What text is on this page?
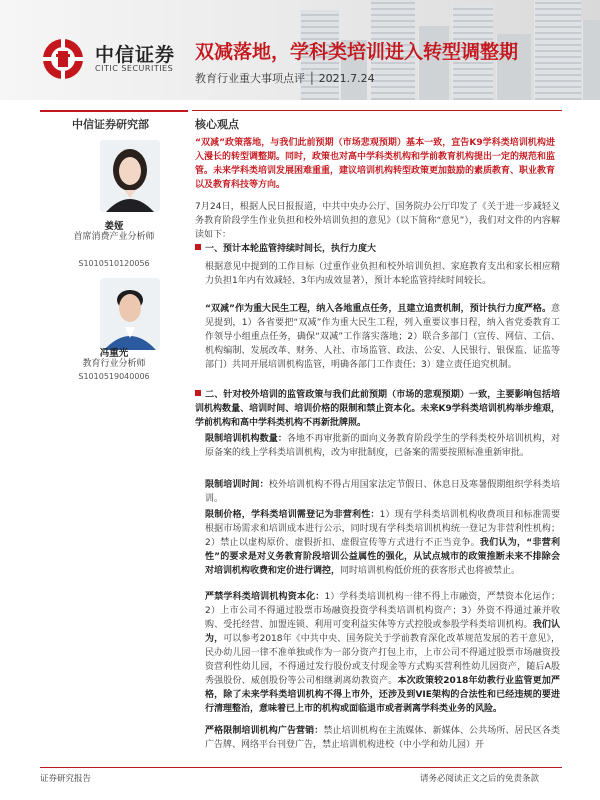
中信证券
CITIC SECURITIES
双减落地，学科类培训进入转型调整期
教育行业重大事项点评 │ 2021.7.24
中信证券研究部	核心观点
姜娅
首席消费产业分析师
S1010510120056
冯重光
教育行业分析师
S1010519040006
“双减”政策落地，与我们此前预期（市场悲观预期）基本一致，宣告K9学科类培训机构进入漫长的转型调整期。同时，政策也对高中学科类机构和学前教育机构提出一定的规范和监管。未来学科类培训发展困难重重，建议培训机构转型政策更加鼓励的素质教育、职业教育以及教育科技等方向。
7月24日，根据人民日报报道，中共中央办公厅、国务院办公厅印发了《关于进一步减轻义务教育阶段学生作业负担和校外培训负担的意见》（以下简称“意见”），我们对文件的内容解读如下：
一、预计本轮监管持续时间长，执行力度大
根据意见中提到的工作目标（过重作业负担和校外培训负担、家庭教育支出和家长相应精力负担1年内有效减轻、3年内成效显著），预计本轮监管持续时间较长。
“双减”作为重大民生工程，纳入各地重点任务，且建立追责机制，预计执行力度严格。意见提到，1）各省要把“双减”作为重大民生工程，列入重要议事日程，纳入省党委教育工作领导小组重点任务，确保“双减”工作落实落地；2）联合多部门（宣传、网信、工信、机构编制、发展改革、财务、人社、市场监管、政法、公安、人民银行、银保监、证监等部门）共同开展培训机构监管，明确各部门工作责任；3）建立责任追究机制。
二、针对校外培训的监管政策与我们此前预期（市场的悲观预期）一致，主要影响包括培训机构数量、培训时间、培训价格的限制和禁止资本化。未来K9学科类培训机构举步维艰，学前机构和高中学科类机构不再新批牌照。
限制培训机构数量：各地不再审批新的面向义务教育阶段学生的学科类校外培训机构，对原备案的线上学科类培训机构，改为审批制度，已备案的需要按照标准重新审批。
限制培训时间：校外培训机构不得占用国家法定节假日、休息日及寒暑假期组织学科类培训。
限制价格，学科类培训需登记为非营利性：1）现有学科类培训机构收费项目和标准需要根据市场需求和培训成本进行公示，同时现有学科类培训机构统一登记为非营利性机构；2）禁止以虚构原价、虚假折扣、虚假宣传等方式进行不正当竞争。我们认为，“非营利性”的要求是对义务教育阶段培训公益属性的强化，从试点城市的政策推断未来不排除会对培训机构收费和定价进行调控，同时培训机构低价班的获客形式也将被禁止。
严禁学科类培训机构资本化：1）学科类培训机构一律不得上市融资，严禁资本化运作；2）上市公司不得通过股票市场融资投资学科类培训机构资产；3）外资不得通过兼并收购、受托经营、加盟连锁、利用可变利益实体等方式控股或参股学科类培训机构。我们认为，可以参考2018年《中共中央、国务院关于学前教育深化改革规范发展的若干意见》，民办幼儿园一律不准单独或作为一部分资产打包上市，上市公司不得通过股票市场融资投资营利性幼儿园，不得通过发行股份或支付现金等方式购买营利性幼儿园资产，随后A股秀强股份、威创股份等公司相继剥离幼教资产。本次政策较2018年幼教行业监管更加严格，除了未来学科类培训机构不得上市外，还涉及到VIE架构的合法性和已经违规的要进行清理整治，意味着已上市的机构或面临退市或者剥离学科类业务的风险。
严格限制培训机构广告营销：禁止培训机构在主流媒体、新媒体、公共场所、居民区各类广告牌、网络平台刊登广告，禁止培训机构进校（中小学和幼儿园）开
证券研究报告	请务必阅读正文之后的免责条款
